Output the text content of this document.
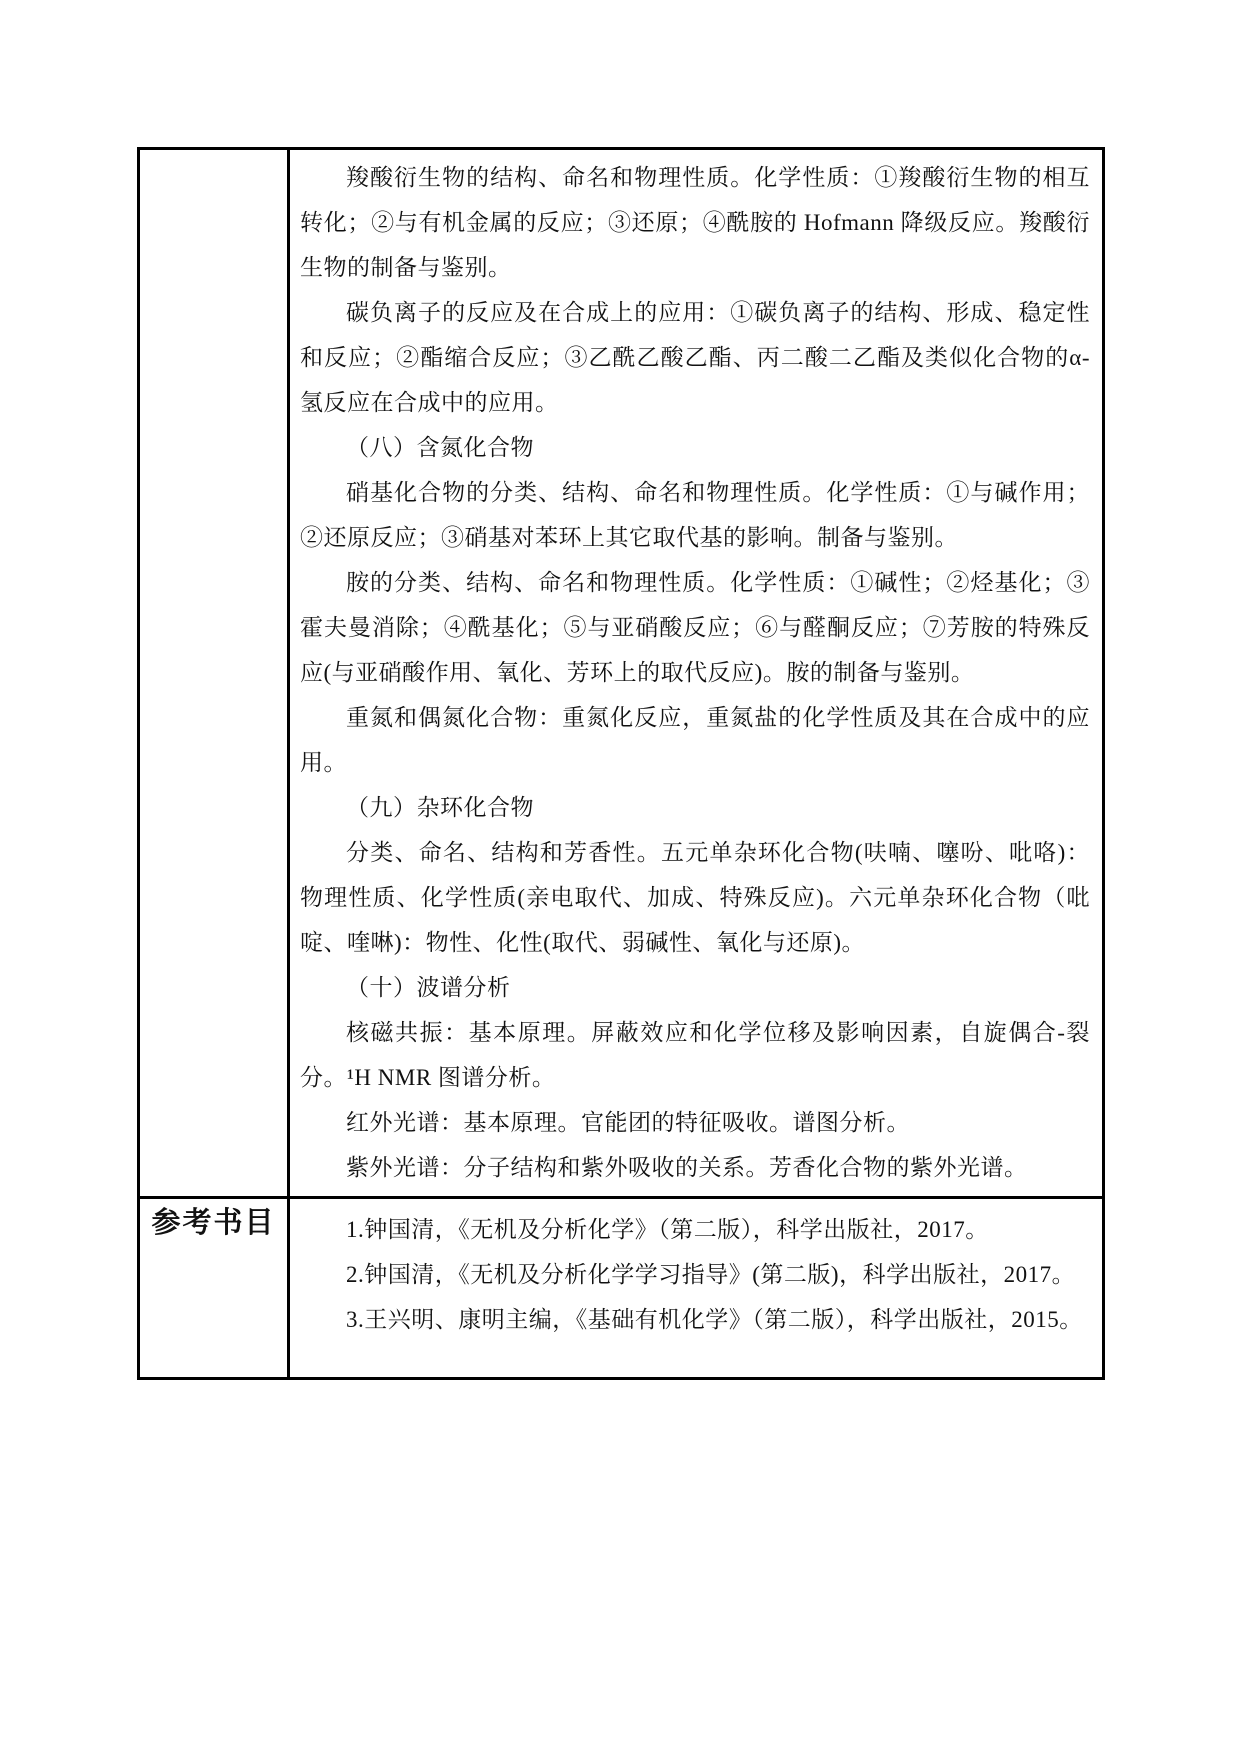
羧酸衍生物的结构、命名和物理性质。化学性质：①羧酸衍生物的相互转化；②与有机金属的反应；③还原；④酰胺的 Hofmann 降级反应。羧酸衍生物的制备与鉴别。

碳负离子的反应及在合成上的应用：①碳负离子的结构、形成、稳定性和反应；②酯缩合反应；③乙酰乙酸乙酯、丙二酸二乙酯及类似化合物的α-氢反应在合成中的应用。

（八）含氮化合物

硝基化合物的分类、结构、命名和物理性质。化学性质：①与碱作用；②还原反应；③硝基对苯环上其它取代基的影响。制备与鉴别。

胺的分类、结构、命名和物理性质。化学性质：①碱性；②烃基化；③霍夫曼消除；④酰基化；⑤与亚硝酸反应；⑥与醛酮反应；⑦芳胺的特殊反应(与亚硝酸作用、氧化、芳环上的取代反应)。胺的制备与鉴别。

重氮和偶氮化合物：重氮化反应，重氮盐的化学性质及其在合成中的应用。

（九）杂环化合物

分类、命名、结构和芳香性。五元单杂环化合物(呋喃、噻吩、吡咯)：物理性质、化学性质(亲电取代、加成、特殊反应)。六元单杂环化合物（吡啶、喹啉)：物性、化性(取代、弱碱性、氧化与还原)。

（十）波谱分析

核磁共振：基本原理。屏蔽效应和化学位移及影响因素，自旋偶合-裂分。¹H NMR 图谱分析。

红外光谱：基本原理。官能团的特征吸收。谱图分析。

紫外光谱：分子结构和紫外吸收的关系。芳香化合物的紫外光谱。

参考书目	1.钟国清，《无机及分析化学》（第二版），科学出版社，2017。

2.钟国清，《无机及分析化学学习指导》(第二版)，科学出版社，2017。

3.王兴明、康明主编，《基础有机化学》（第二版），科学出版社，2015。
